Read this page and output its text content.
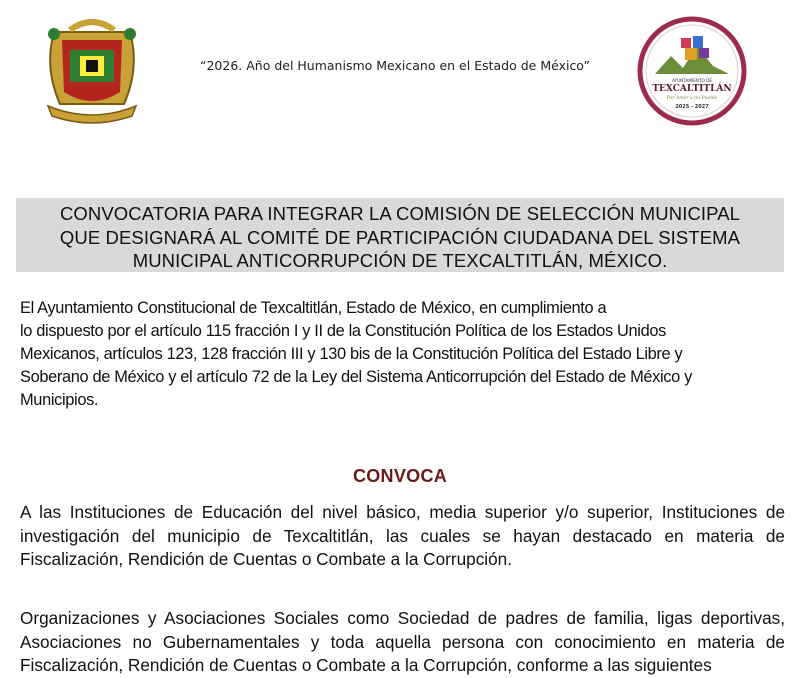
“2026. Año del Humanismo Mexicano en el Estado de México”
AYUNTAMIENTO DE
TEXCALTITLÁN
Por Amor a mi Pueblo
2025 - 2027
CONVOCATORIA PARA INTEGRAR LA COMISIÓN DE SELECCIÓN MUNICIPAL
QUE DESIGNARÁ AL COMITÉ DE PARTICIPACIÓN CIUDADANA DEL SISTEMA
MUNICIPAL ANTICORRUPCIÓN DE TEXCALTITLÁN, MÉXICO.
El Ayuntamiento Constitucional de Texcaltitlán, Estado de México, en cumplimiento a
lo dispuesto por el artículo 115 fracción I y II de la Constitución Política de los Estados Unidos
Mexicanos, artículos 123, 128 fracción III y 130 bis de la Constitución Política del Estado Libre y
Soberano de México y el artículo 72 de la Ley del Sistema Anticorrupción del Estado de México y
Municipios.
CONVOCA
A las Instituciones de Educación del nivel básico, media superior y/o superior, Instituciones de investigación del municipio de Texcaltitlán, las cuales se hayan destacado en materia de Fiscalización, Rendición de Cuentas o Combate a la Corrupción.
Organizaciones y Asociaciones Sociales como Sociedad de padres de familia, ligas deportivas, Asociaciones no Gubernamentales y toda aquella persona con conocimiento en materia de Fiscalización, Rendición de Cuentas o Combate a la Corrupción, conforme a las siguientes
